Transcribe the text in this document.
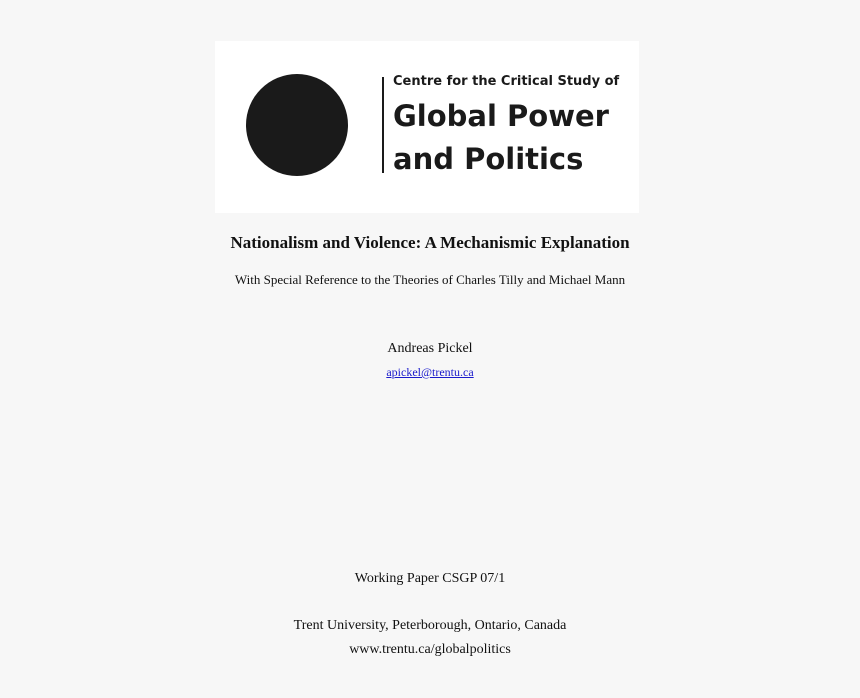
Centre for the Critical Study of
Global Power
and Politics
Nationalism and Violence: A Mechanismic Explanation
With Special Reference to the Theories of Charles Tilly and Michael Mann
Andreas Pickel
apickel@trentu.ca
Working Paper CSGP 07/1
Trent University, Peterborough, Ontario, Canada
www.trentu.ca/globalpolitics
